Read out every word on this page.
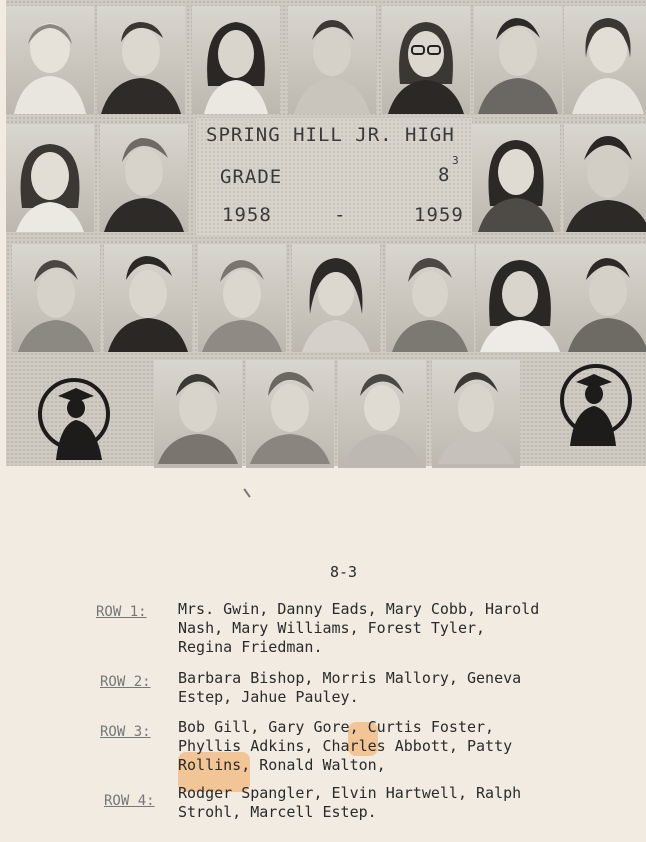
SPRING HILL JR. HIGH
GRADE	8
3
1958	-	1959
8-3
ROW 1: Mrs. Gwin, Danny Eads, Mary Cobb, Harold
Nash, Mary Williams, Forest Tyler,
Regina Friedman.
ROW 2: Barbara Bishop, Morris Mallory, Geneva
Estep, Jahue Pauley.
ROW 3: Bob Gill, Gary Gore, Curtis Foster,
Phyllis Adkins, Charles Abbott, Patty
Rollins, Ronald Walton,
ROW 4: Rodger Spangler, Elvin Hartwell, Ralph
Strohl, Marcell Estep.
